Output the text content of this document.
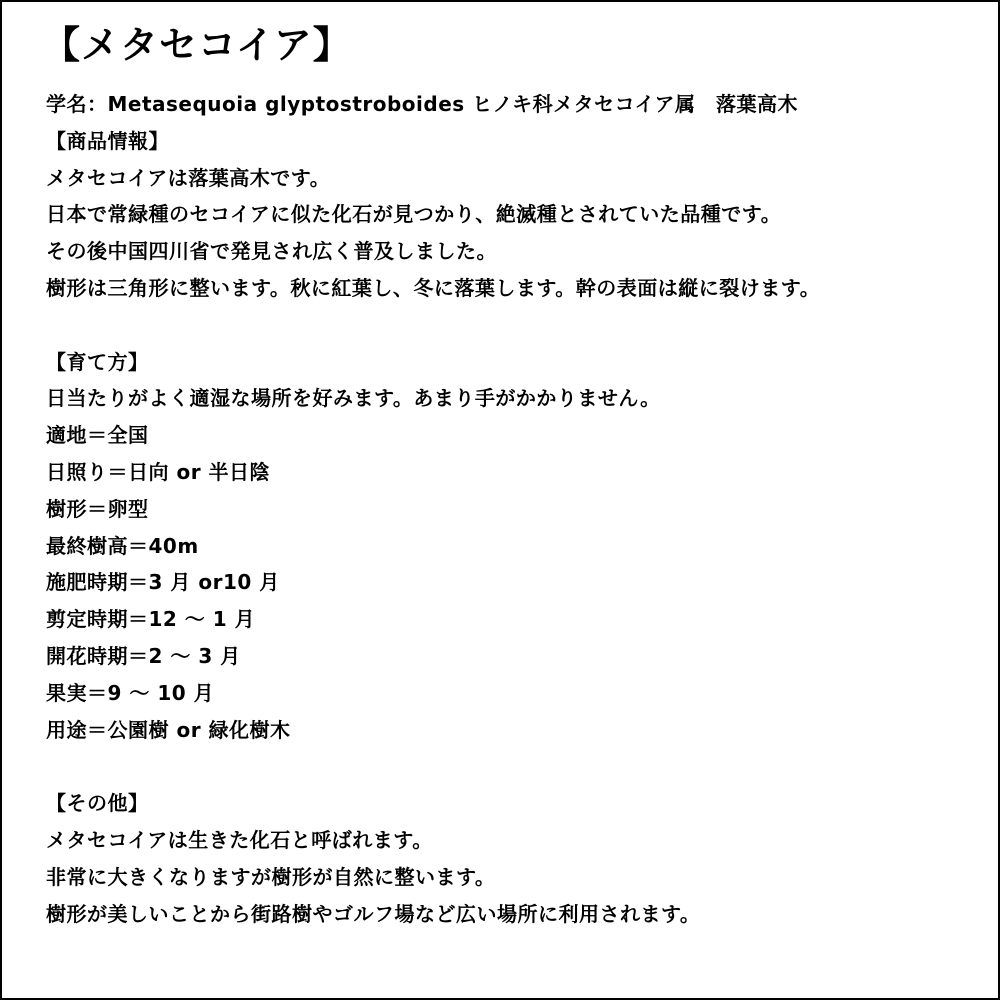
【メタセコイア】
学名：Metasequoia glyptostroboides ヒノキ科メタセコイア属　落葉高木
【商品情報】
メタセコイアは落葉高木です。
日本で常緑種のセコイアに似た化石が見つかり、絶滅種とされていた品種です。
その後中国四川省で発見され広く普及しました。
樹形は三角形に整います。秋に紅葉し、冬に落葉します。幹の表面は縦に裂けます。
【育て方】
日当たりがよく適湿な場所を好みます。あまり手がかかりません。
適地＝全国
日照り＝日向 or 半日陰
樹形＝卵型
最終樹高＝40m
施肥時期＝3 月 or10 月
剪定時期＝12 ～ 1 月
開花時期＝2 ～ 3 月
果実＝9 ～ 10 月
用途＝公園樹 or 緑化樹木
【その他】
メタセコイアは生きた化石と呼ばれます。
非常に大きくなりますが樹形が自然に整います。
樹形が美しいことから街路樹やゴルフ場など広い場所に利用されます。
